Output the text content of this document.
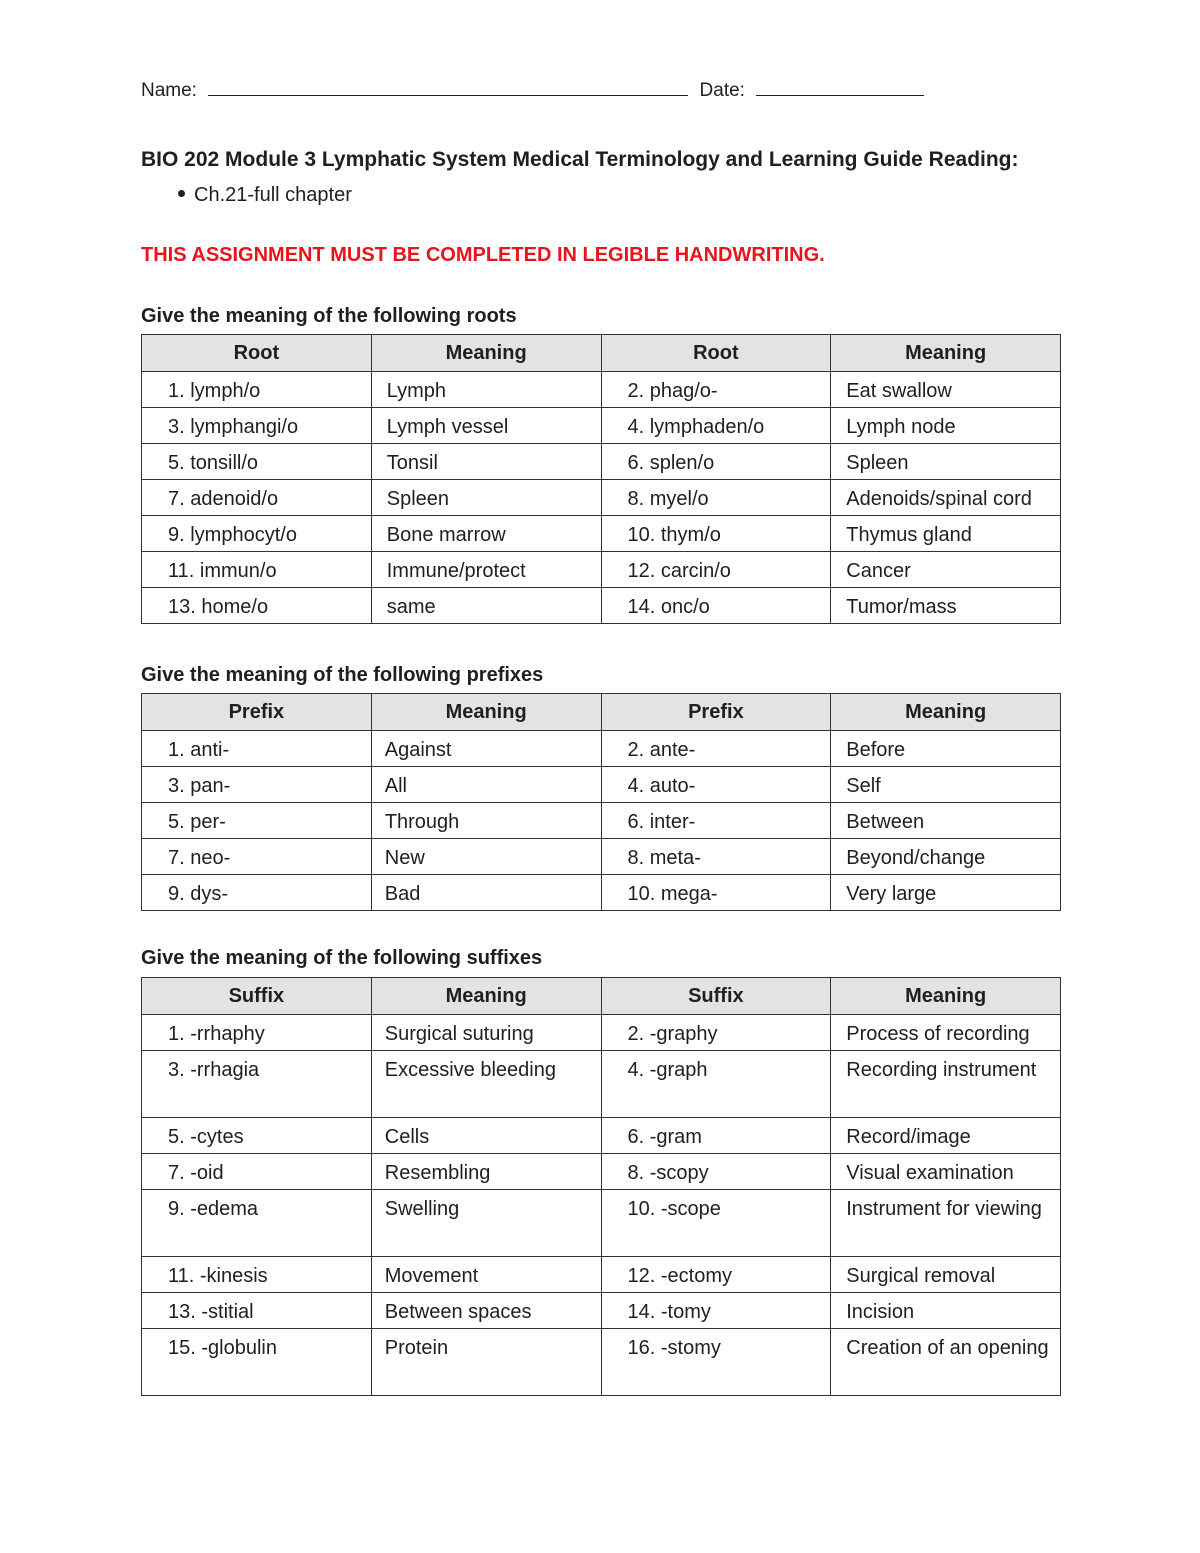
Name:	Date:
BIO 202 Module 3 Lymphatic System Medical Terminology and Learning Guide Reading:
Ch.21-full chapter
THIS ASSIGNMENT MUST BE COMPLETED IN LEGIBLE HANDWRITING.
Give the meaning of the following roots
Root	Meaning	Root	Meaning
1. lymph/o	Lymph	2. phag/o-	Eat swallow
3. lymphangi/o	Lymph vessel	4. lymphaden/o	Lymph node
5. tonsill/o	Tonsil	6. splen/o	Spleen
7. adenoid/o	Spleen	8. myel/o	Adenoids/spinal cord
9. lymphocyt/o	Bone marrow	10. thym/o	Thymus gland
11. immun/o	Immune/protect	12. carcin/o	Cancer
13. home/o	same	14. onc/o	Tumor/mass
Give the meaning of the following prefixes
Prefix	Meaning	Prefix	Meaning
1. anti-	Against	2. ante-	Before
3. pan-	All	4. auto-	Self
5. per-	Through	6. inter-	Between
7. neo-	New	8. meta-	Beyond/change
9. dys-	Bad	10. mega-	Very large
Give the meaning of the following suffixes
Suffix	Meaning	Suffix	Meaning
1. -rrhaphy	Surgical suturing	2. -graphy	Process of recording
3. -rrhagia	Excessive bleeding	4. -graph	Recording instrument
5. -cytes	Cells	6. -gram	Record/image
7. -oid	Resembling	8. -scopy	Visual examination
9. -edema	Swelling	10. -scope	Instrument for viewing
11. -kinesis	Movement	12. -ectomy	Surgical removal
13. -stitial	Between spaces	14. -tomy	Incision
15. -globulin	Protein	16. -stomy	Creation of an opening
